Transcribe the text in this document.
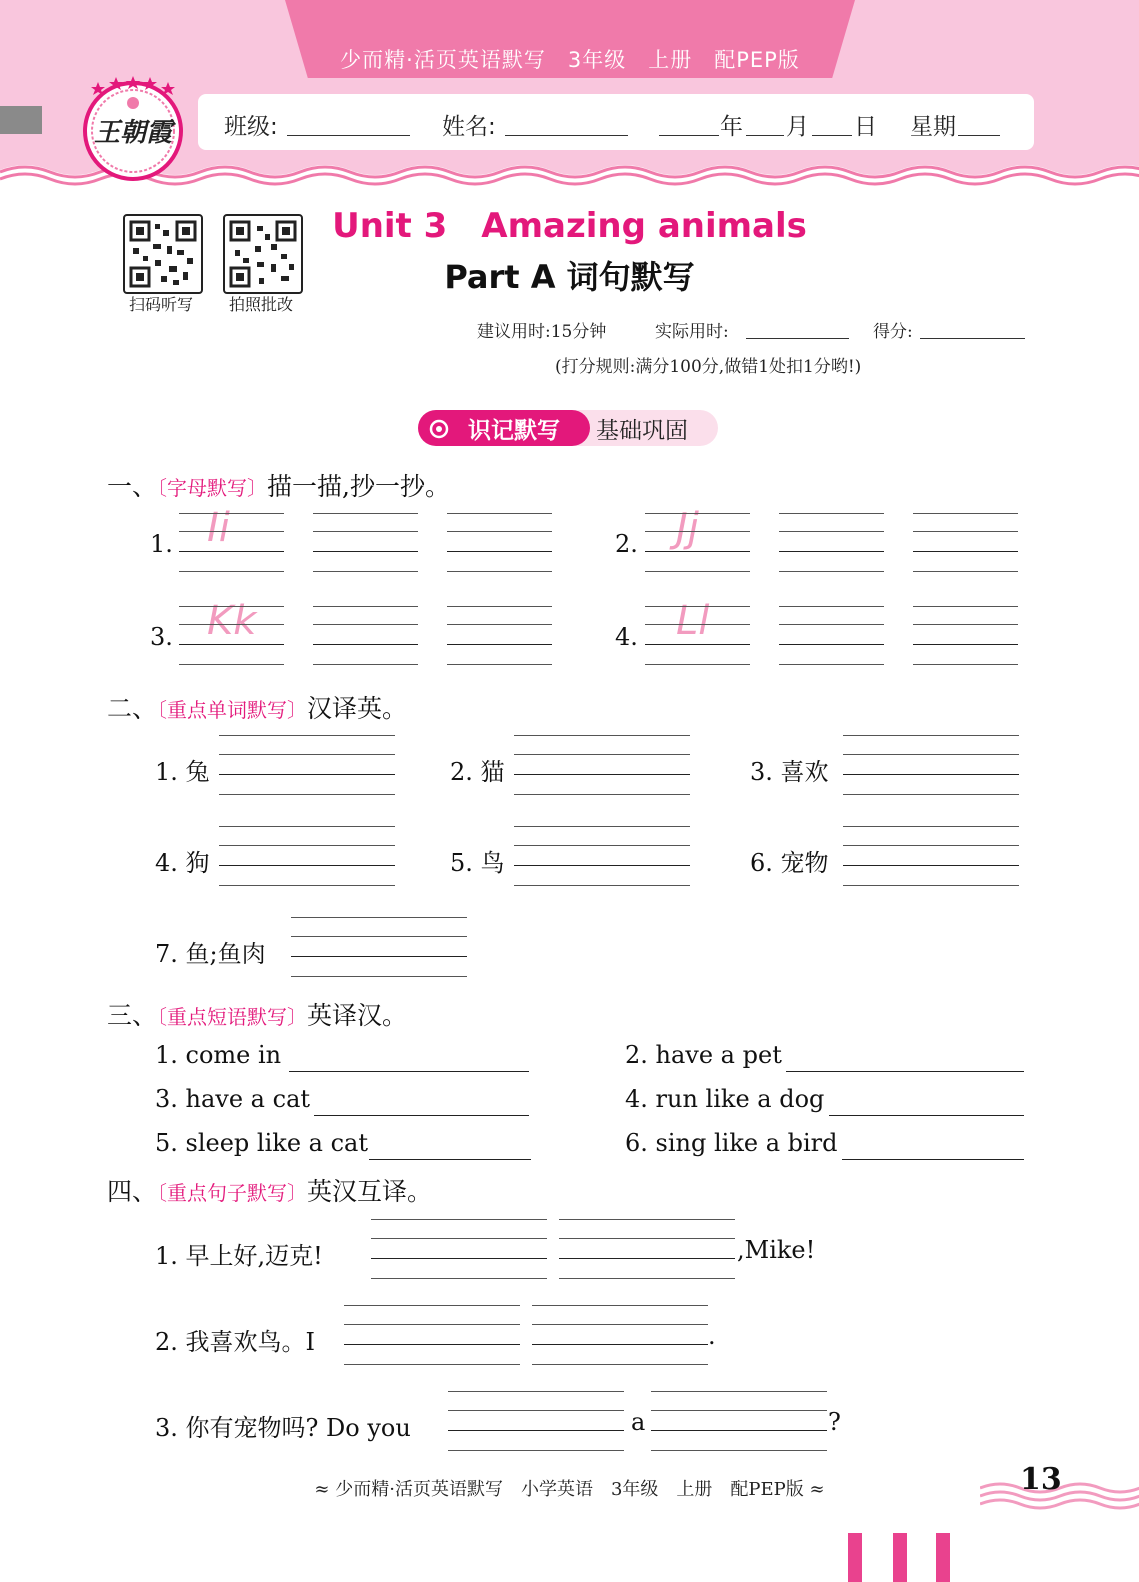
少而精·活页英语默写　3年级　上册　配PEP版
班级:	姓名:	年 月 日 星期
王朝霞
扫码听写	拍照批改
Unit 3　Amazing animals
Part A 词句默写
建议用时:15分钟	实际用时:	得分:
(打分规则:满分100分,做错1处扣1分哟!)
识记默写	基础巩固
一、〔字母默写〕描一描,抄一抄。
1.	2.
3.	4.
Ii	Jj
Kk	Ll
二、〔重点单词默写〕汉译英。
1. 兔	2. 猫	3. 喜欢
4. 狗	5. 鸟	6. 宠物
7. 鱼;鱼肉
三、〔重点短语默写〕英译汉。
1. come in	2. have a pet
3. have a cat	4. run like a dog
5. sleep like a cat	6. sing like a bird
四、〔重点句子默写〕英汉互译。
1. 早上好,迈克!	,Mike!
2. 我喜欢鸟。I	.
3. 你有宠物吗? Do you	a	?
≈ 少而精·活页英语默写　小学英语　3年级　上册　配PEP版 ≈	13
